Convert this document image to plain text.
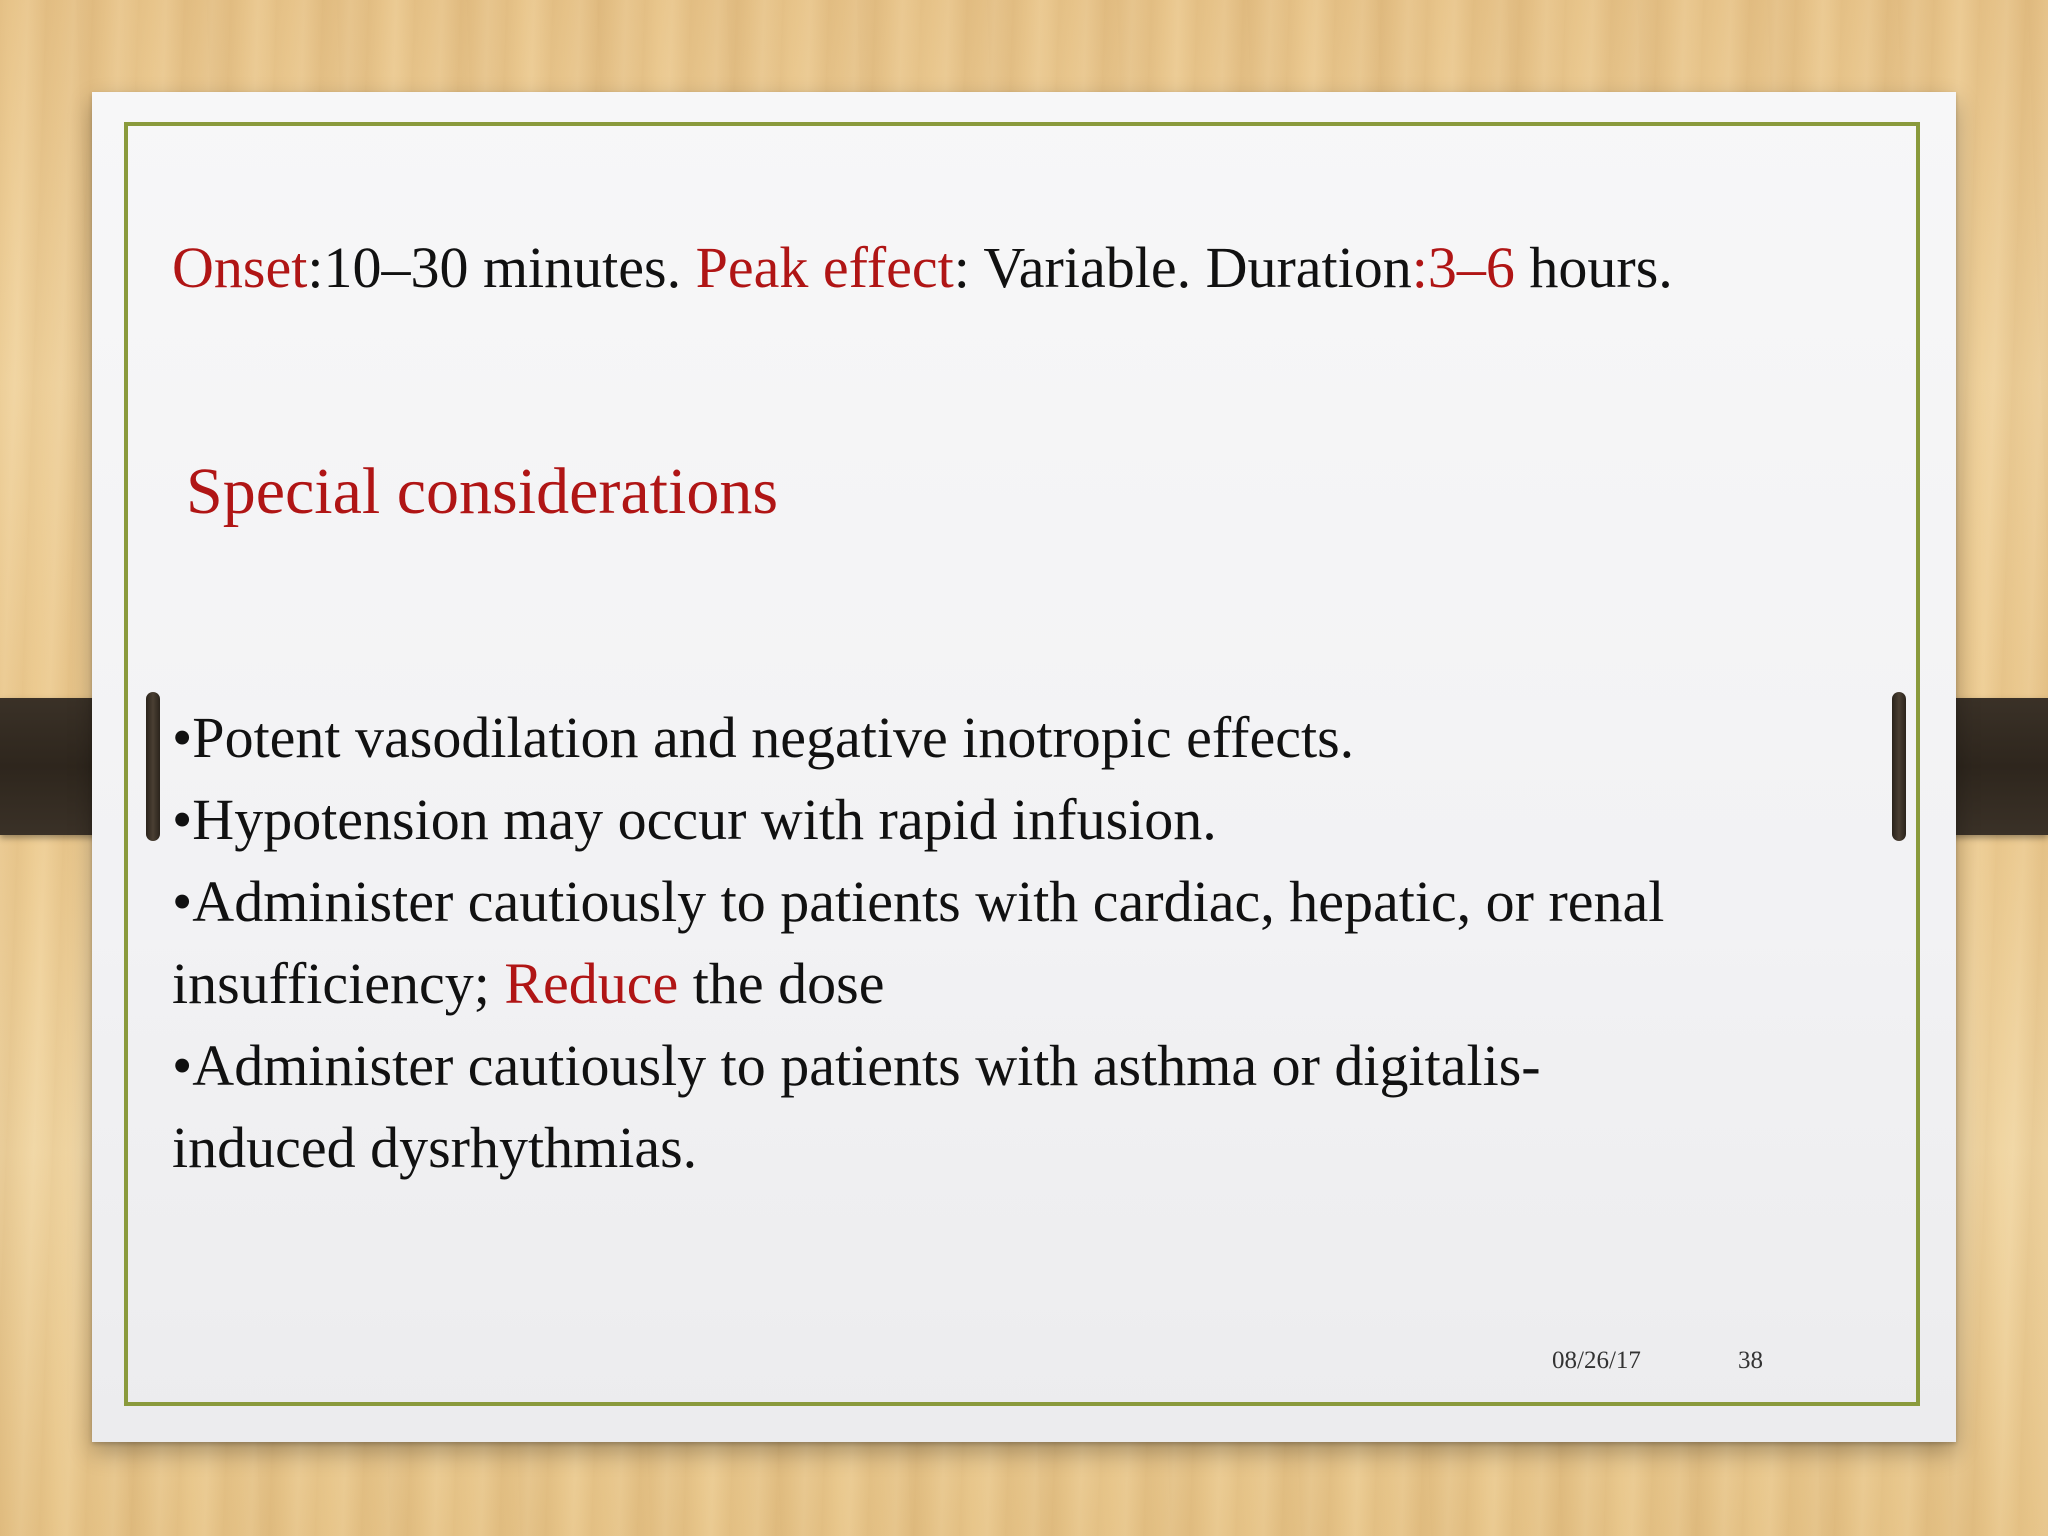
Onset:10–30 minutes. Peak effect: Variable. Duration:3–6 hours.
Special considerations
•Potent vasodilation and negative inotropic effects.
•Hypotension may occur with rapid infusion.
•Administer cautiously to patients with cardiac, hepatic, or renal
insufficiency; Reduce the dose
•Administer cautiously to patients with asthma or digitalis-
induced dysrhythmias.
08/26/17	38
